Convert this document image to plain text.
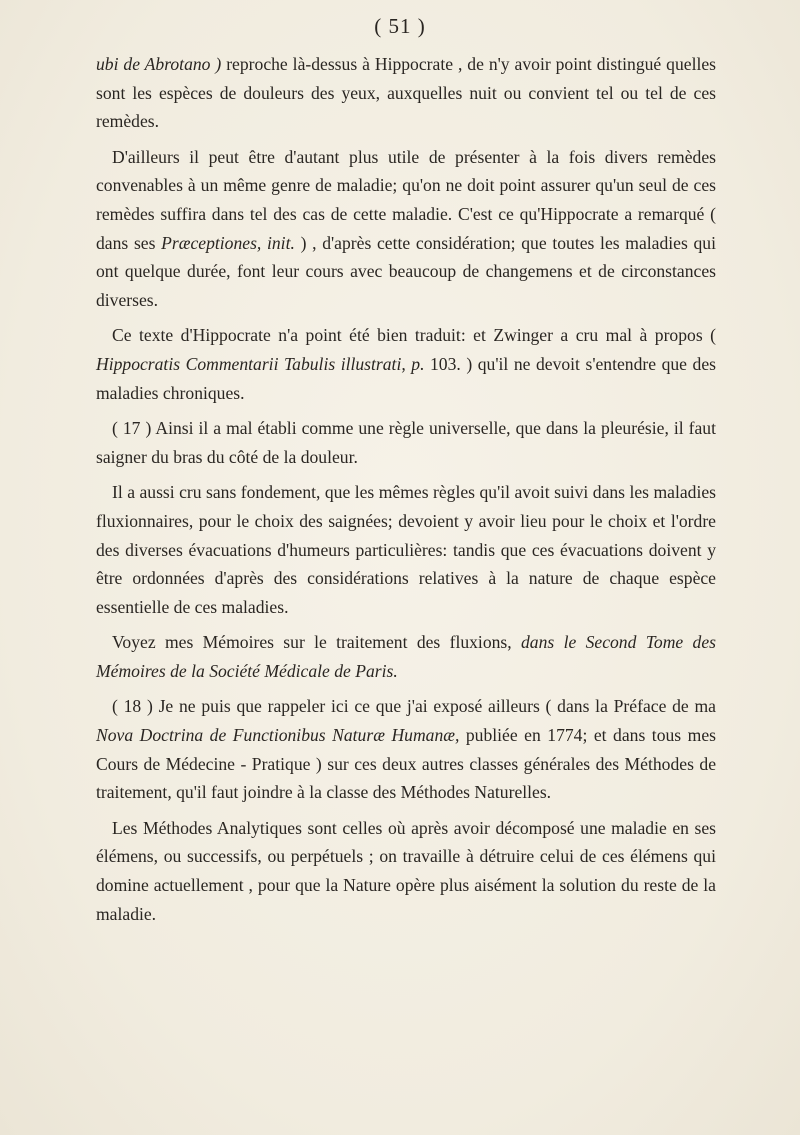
( 51 )

ubi de Abrotano ) reproche là-dessus à Hippocrate , de n'y avoir point distingué quelles sont les espèces de douleurs des yeux, auxquelles nuit ou convient tel ou tel de ces remèdes.

D'ailleurs il peut être d'autant plus utile de présenter à la fois divers remèdes convenables à un même genre de maladie; qu'on ne doit point assurer qu'un seul de ces remèdes suffira dans tel des cas de cette maladie. C'est ce qu'Hippocrate a remarqué ( dans ses Præceptiones, init. ) , d'après cette considération; que toutes les maladies qui ont quelque durée, font leur cours avec beaucoup de changemens et de circonstances diverses.

Ce texte d'Hippocrate n'a point été bien traduit: et Zwinger a cru mal à propos ( Hippocratis Commentarii Tabulis illustrati, p. 103. ) qu'il ne devoit s'entendre que des maladies chroniques.

( 17 ) Ainsi il a mal établi comme une règle universelle, que dans la pleurésie, il faut saigner du bras du côté de la douleur.

Il a aussi cru sans fondement, que les mêmes règles qu'il avoit suivi dans les maladies fluxionnaires, pour le choix des saignées; devoient y avoir lieu pour le choix et l'ordre des diverses évacuations d'humeurs particulières: tandis que ces évacuations doivent y être ordonnées d'après des considérations relatives à la nature de chaque espèce essentielle de ces maladies.

Voyez mes Mémoires sur le traitement des fluxions, dans le Second Tome des Mémoires de la Société Médicale de Paris.

( 18 ) Je ne puis que rappeler ici ce que j'ai exposé ailleurs ( dans la Préface de ma Nova Doctrina de Functionibus Naturæ Humanæ, publiée en 1774; et dans tous mes Cours de Médecine - Pratique ) sur ces deux autres classes générales des Méthodes de traitement, qu'il faut joindre à la classe des Méthodes Naturelles.

Les Méthodes Analytiques sont celles où après avoir décomposé une maladie en ses élémens, ou successifs, ou perpétuels ; on travaille à détruire celui de ces élémens qui domine actuellement , pour que la Nature opère plus aisément la solution du reste de la maladie.
